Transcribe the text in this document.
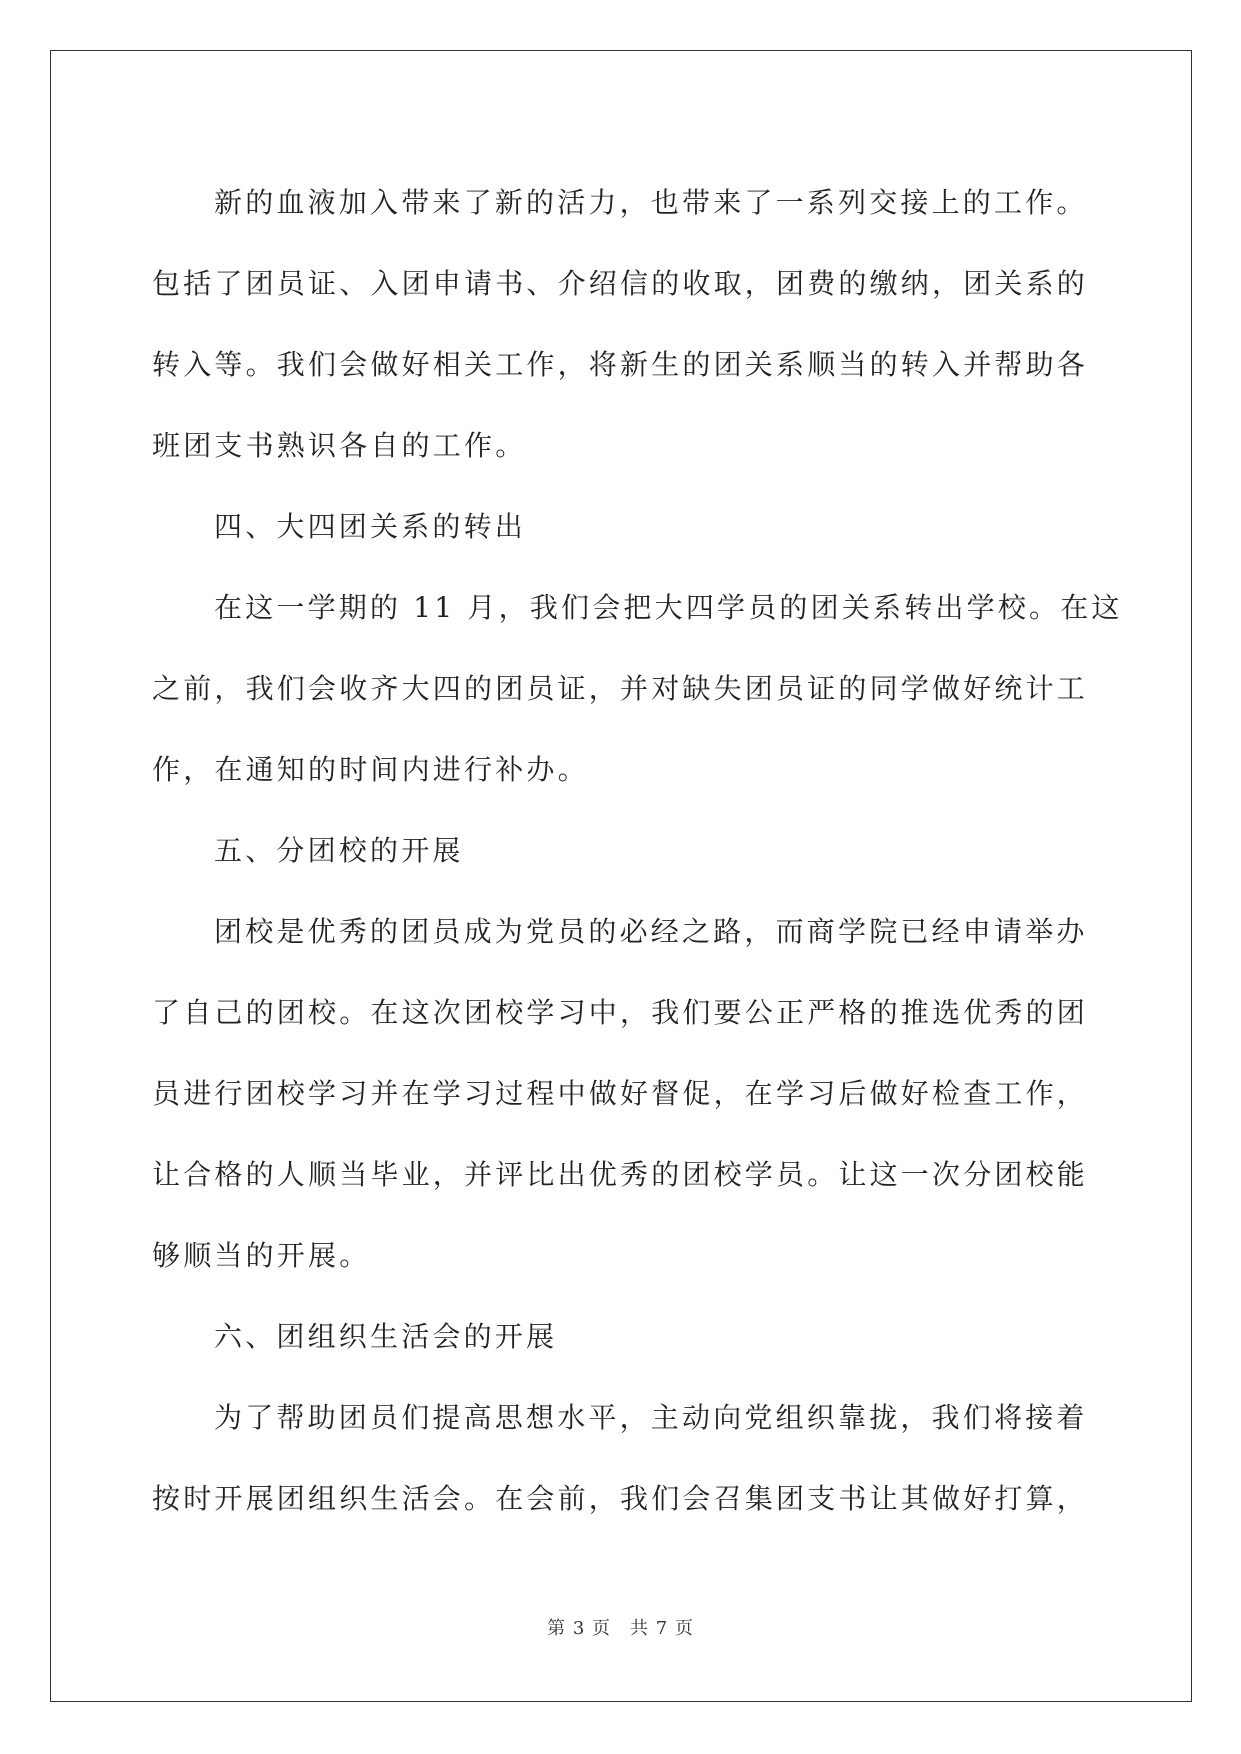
新的血液加入带来了新的活力，也带来了一系列交接上的工作。
包括了团员证、入团申请书、介绍信的收取，团费的缴纳，团关系的
转入等。我们会做好相关工作，将新生的团关系顺当的转入并帮助各
班团支书熟识各自的工作。
四、大四团关系的转出
在这一学期的 11 月，我们会把大四学员的团关系转出学校。在这
之前，我们会收齐大四的团员证，并对缺失团员证的同学做好统计工
作，在通知的时间内进行补办。
五、分团校的开展
团校是优秀的团员成为党员的必经之路，而商学院已经申请举办
了自己的团校。在这次团校学习中，我们要公正严格的推选优秀的团
员进行团校学习并在学习过程中做好督促，在学习后做好检查工作，
让合格的人顺当毕业，并评比出优秀的团校学员。让这一次分团校能
够顺当的开展。
六、团组织生活会的开展
为了帮助团员们提高思想水平，主动向党组织靠拢，我们将接着
按时开展团组织生活会。在会前，我们会召集团支书让其做好打算，
第 3 页　共 7 页
